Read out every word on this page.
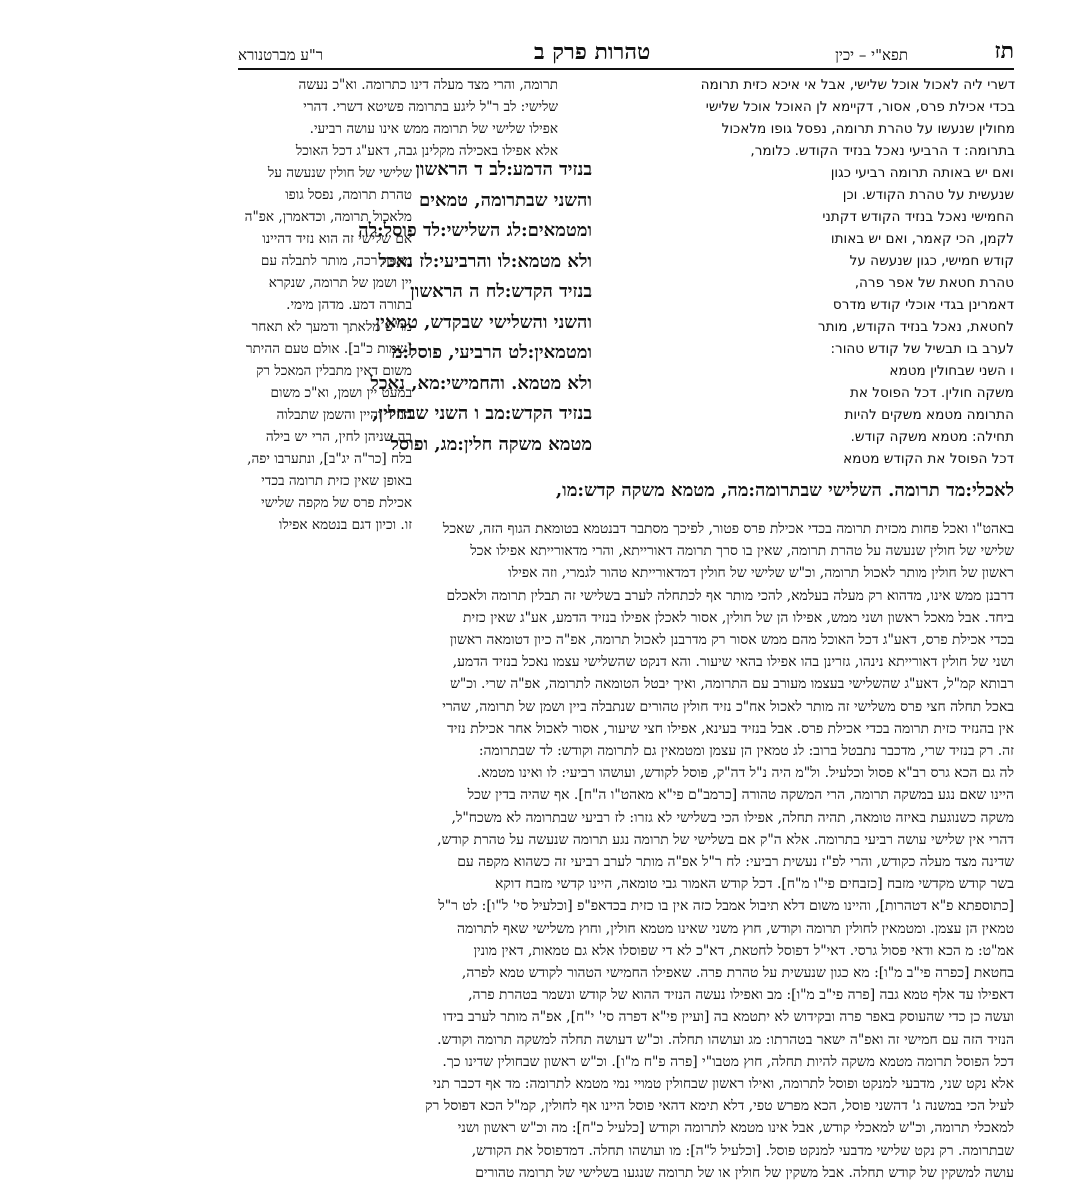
תז
תפא"י – יכין
טהרות פרק ב
ר"ע מברטנורא
דשרי ליה לאכול אוכל שלישי, אבל אי איכא כזית תרומה
בכדי אכילת פרס, אסור, דקיימא לן האוכל אוכל שלישי
מחולין שנעשו על טהרת תרומה, נפסל גופו מלאכול
בתרומה: ד הרביעי נאכל בנזיד הקודש. כלומר,
תרומה, והרי מצד מעלה דינו כתרומה. וא"כ נעשה
שלישי: לב ר"ל ליגע בתרומה פשיטא דשרי. דהרי
אפילו שלישי של תרומה ממש אינו עושה רביעי.
אלא אפילו באכילה מקלינן גבה, דאע"ג דכל האוכל
ואם יש באותה תרומה רביעי כגון
שנעשית על טהרת הקודש. וכן
החמישי נאכל בנזיד הקודש דקתני
לקמן, הכי קאמר, ואם יש באותו
קודש חמישי, כגון שנעשה על
טהרת חטאת של אפר פרה,
דאמרינן בגדי אוכלי קודש מדרס
לחטאת, נאכל בנזיד הקודש, מותר
לערב בו תבשיל של קודש טהור:
ו השני שבחולין מטמא
משקה חולין. דכל הפוסל את
התרומה מטמא משקים להיות
תחילה: מטמא משקה קודש.
דכל הפוסל את הקודש מטמא
בנזיד הדמע:לב ד הראשון
והשני שבתרומה, טמאים
ומטמאים:לג השלישי:לד פוסל:לה
ולא מטמא:לו והרביעי:לז נאכל
בנזיד הקדש:לח ה הראשון
והשני והשלישי שבקדש, טמאין
ומטמאין:לט הרביעי, פוסל:מ
ולא מטמא. והחמישי:מא, נאכל
בנזיד הקדש:מב ו השני שבחלין,
מטמא משקה חלין:מג, ופוסל
שלישי של חולין שנעשה על
טהרת תרומה, נפסל גופו
מלאכול תרומה, וכדאמרן, אפ"ה
אם שלישי זה הוא נזיד דהיינו
מקפה רכה, מותר לתבלה עם
יין ושמן של תרומה, שנקרא
בתורה דמע. מדהן מימי.
מו"ש מלאתך ודמעך לא תאחר
[שמות כ"ב]. אולם טעם ההיתר
משום דאין מתבלין המאכל רק
במעט יין ושמן, וא"כ משום
הנזיד והיין והשמן שתבלוה
בה שניהן לחין, הרי יש בילה
בלח [כר"ה יג"ב], ונתערבו יפה,
באופן שאין כזית תרומה בכדי
אכילת פרס של מקפה שלישי
זו. וכיון דגם בנטמא אפילו
לאכלי:מד תרומה. השלישי שבתרומה:מה, מטמא משקה קדש:מו,
באהט"ו ואכל פחות מכזית תרומה בכדי אכילת פרס פטור, לפיכך מסתבר דבנטמא בטומאת הגוף הזה, שאכל
שלישי של חולין שנעשה על טהרת תרומה, שאין בו סרך תרומה דאורייתא, והרי מדאורייתא אפילו אכל
ראשון של חולין מותר לאכול תרומה, וכ"ש שלישי של חולין דמדאורייתא טהור לגמרי, וזה אפילו
דרבנן ממש אינו, מדהוא רק מעלה בעלמא, להכי מותר אף לכתחלה לערב בשלישי זה תבלין תרומה ולאכלם
ביחד. אבל מאכל ראשון ושני ממש, אפילו הן של חולין, אסור לאכלן אפילו בנזיד הדמע, אע"ג שאין כזית
בכדי אכילת פרס, דאע"ג דכל האוכל מהם ממש אסור רק מדרבנן לאכול תרומה, אפ"ה כיון דטומאה ראשון
ושני של חולין דאורייתא נינהו, גזרינן בהו אפילו בהאי שיעור. והא דנקט שהשלישי עצמו נאכל בנזיד הדמע,
רבותא קמ"ל, דאע"ג שהשלישי בעצמו מעורב עם התרומה, ואיך יבטל הטומאה לתרומה, אפ"ה שרי. וכ"ש
באכל תחלה חצי פרס משלישי זה מותר לאכול אח"כ נזיד חולין טהורים שנתבלה ביין ושמן של תרומה, שהרי
אין בהנזיד כזית תרומה בכדי אכילת פרס. אבל בנזיד בעינא, אפילו חצי שיעור, אסור לאכול אחר אכילת נזיד
זה. רק בנזיד שרי, מדכבר נתבטל ברוב: לג טמאין הן עצמן ומטמאין גם לתרומה וקודש: לד שבתרומה:
לה גם הכא גרס רב"א פסול וכלעיל. ול"מ היה נ"ל דה"ק, פוסל לקודש, ועושהו רביעי: לו ואינו מטמא.
היינו שאם נגע במשקה תרומה, הרי המשקה טהורה [כרמב"ם פי"א מאהט"ו ה"ח]. אף שהיה בדין שכל
משקה כשנוגעת באיזה טומאה, תהיה תחלה, אפילו הכי בשלישי לא גזרו: לז רביעי שבתרומה לא משכח"ל,
דהרי אין שלישי עושה רביעי בתרומה. אלא ה"ק אם בשלישי של תרומה נגע תרומה שנעשה על טהרת קודש,
שדינה מצד מעלה כקודש, והרי לפ"ז נעשית רביעי: לח ר"ל אפ"ה מותר לערב רביעי זה כשהוא מקפה עם
בשר קודש מקדשי מזבח [כזבחים פי"ו מ"ח]. דכל קודש האמור גבי טומאה, היינו קדשי מזבח דוקא
[כתוספתא פ"א דטהרות], והיינו משום דלא תיבול אמבל כזה אין בו כזית בכדאפ"פ [וכלעיל סי' ל"ו]: לט ר"ל
טמאין הן עצמן. ומטמאין לחולין תרומה וקודש, חוץ משני שאינו מטמא חולין, וחוץ משלישי שאף לתרומה
אמ"ט: מ הכא ודאי פסול גרסי. דאי"ל דפוסל לחטאת, דא"כ לא די שפוסלו אלא גם טמאות, דאין מונין
בחטאת [כפרה פי"ב מ"ו]: מא כגון שנעשית על טהרת פרה. שאפילו החמישי הטהור לקודש טמא לפרה,
דאפילו עד אלף טמא גבה [פרה פי"ב מ"ו]: מב ואפילו נעשה הנזיד ההוא של קודש ונשמר בטהרת פרה,
ועשה כן כדי שהעוסק באפר פרה ובקידוש לא יתטמא בה [ועיין פי"א דפרה סי' י"ח], אפ"ה מותר לערב בידו
הנזיד הזה עם חמישי זה ואפ"ה ישאר בטהרתו: מג ועושהו תחלה. וכ"ש דעושה תחלה למשקה תרומה וקודש.
דכל הפוסל תרומה מטמא משקה להיות תחלה, חוץ מטבו"י [פרה פ"ח מ"ו]. וכ"ש ראשון שבחולין שדינו כך.
אלא נקט שני, מדבעי למנקט ופוסל לתרומה, ואילו ראשון שבחולין טמויי נמי מטמא לתרומה: מד אף דכבר תני
לעיל הכי במשנה ג' דהשני פוסל, הכא מפרש טפי, דלא תימא דהאי פוסל היינו אף לחולין, קמ"ל הכא דפוסל רק
למאכלי תרומה, וכ"ש למאכלי קודש, אבל אינו מטמא לתרומה וקודש [כלעיל כ"ח]: מה וכ"ש ראשון ושני
שבתרומה. רק נקט שלישי מדבעי למנקט פוסל. [וכלעיל ל"ה]: מו ועושהו תחלה. דמדפוסל את הקודש,
עושה למשקין של קודש תחלה. אבל משקין של חולין או של תרומה שנגעו בשלישי של תרומה טהורים
